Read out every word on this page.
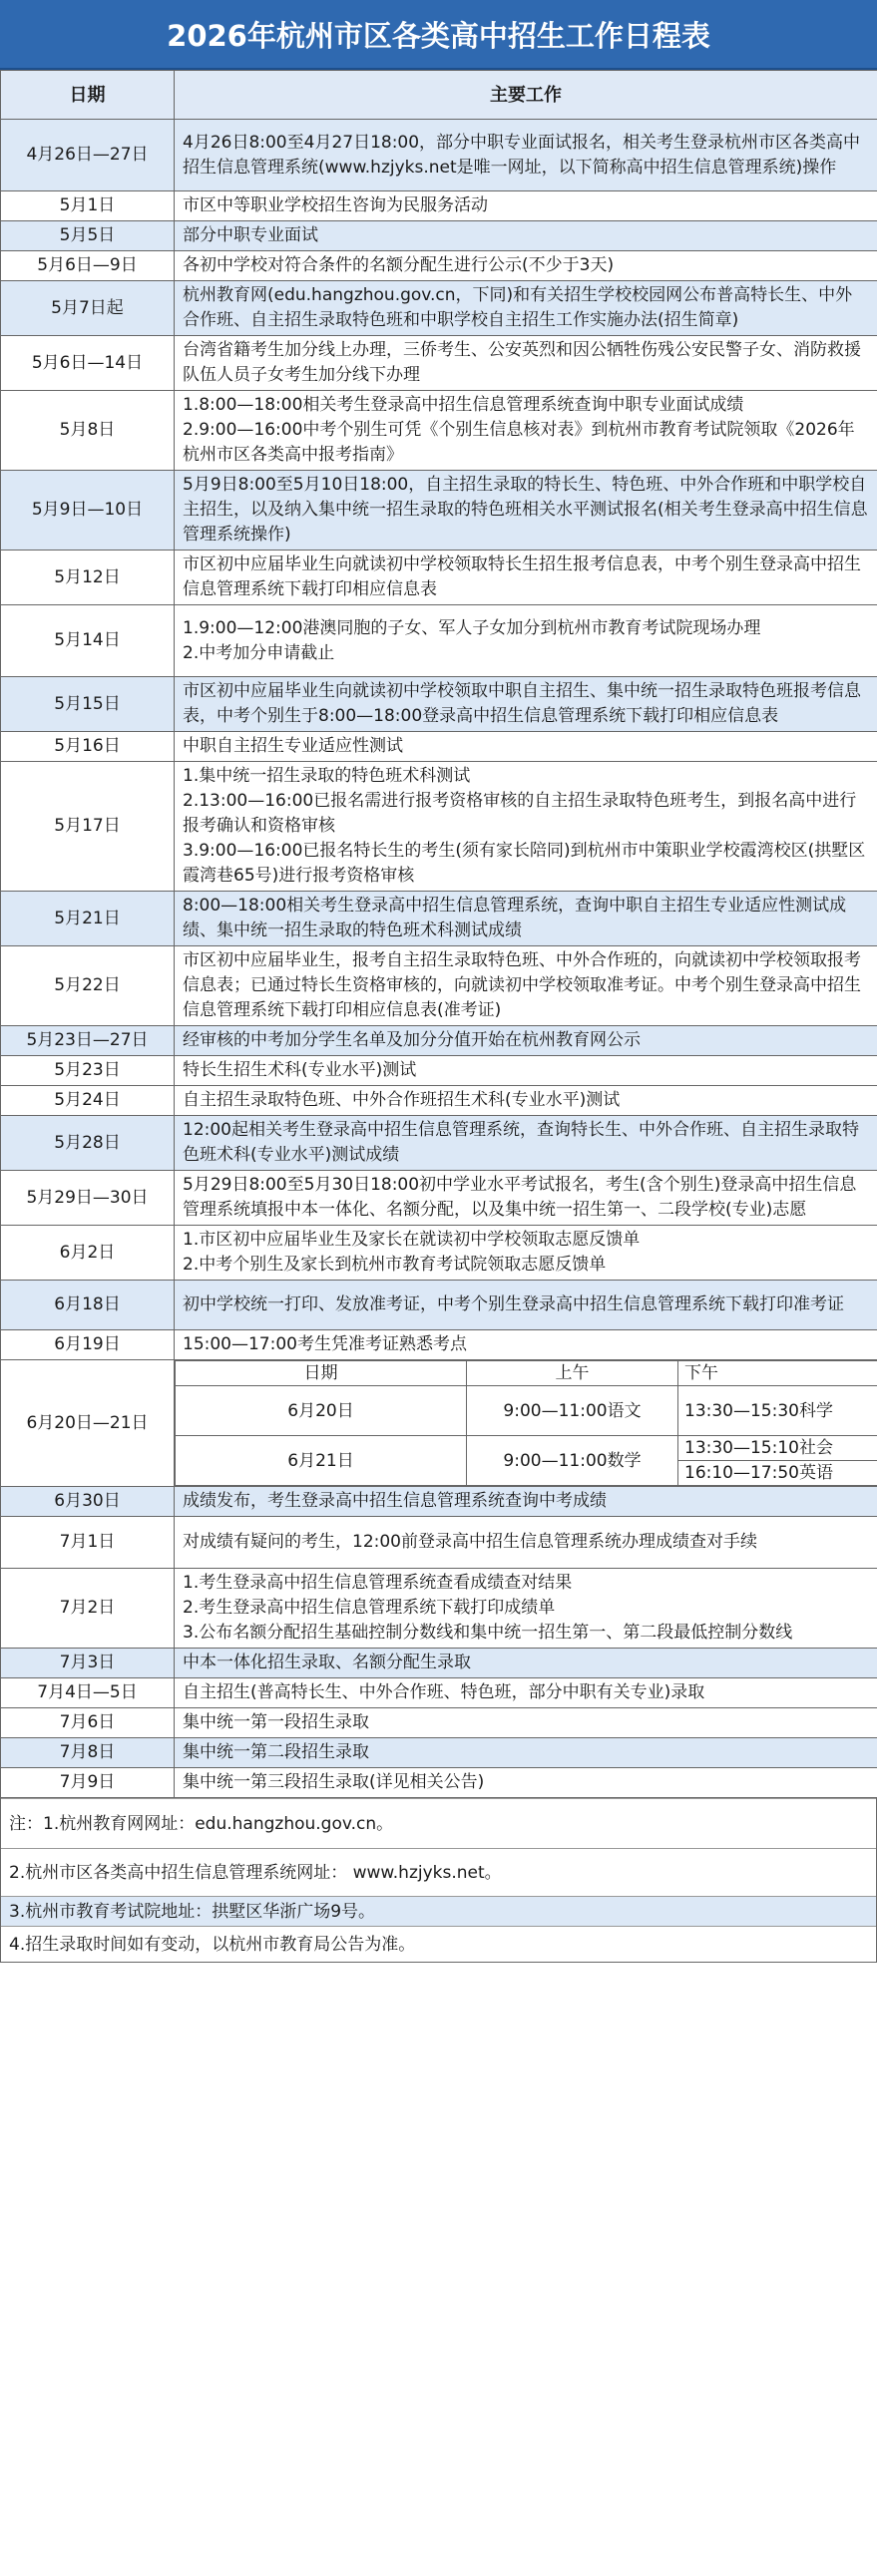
2026年杭州市区各类高中招生工作日程表
日期	主要工作
4月26日—27日	4月26日8:00至4月27日18:00，部分中职专业面试报名，相关考生登录杭州市区各类高中招生信息管理系统(www.hzjyks.net是唯一网址，以下简称高中招生信息管理系统)操作
5月1日	市区中等职业学校招生咨询为民服务活动
5月5日	部分中职专业面试
5月6日—9日	各初中学校对符合条件的名额分配生进行公示(不少于3天)
5月7日起	杭州教育网(edu.hangzhou.gov.cn，下同)和有关招生学校校园网公布普高特长生、中外合作班、自主招生录取特色班和中职学校自主招生工作实施办法(招生简章)
5月6日—14日	台湾省籍考生加分线上办理，三侨考生、公安英烈和因公牺牲伤残公安民警子女、消防救援队伍人员子女考生加分线下办理
5月8日	1.8:00—18:00相关考生登录高中招生信息管理系统查询中职专业面试成绩
2.9:00—16:00中考个别生可凭《个别生信息核对表》到杭州市教育考试院领取《2026年杭州市区各类高中报考指南》
5月9日—10日	5月9日8:00至5月10日18:00，自主招生录取的特长生、特色班、中外合作班和中职学校自主招生，以及纳入集中统一招生录取的特色班相关水平测试报名(相关考生登录高中招生信息管理系统操作)
5月12日	市区初中应届毕业生向就读初中学校领取特长生招生报考信息表，中考个别生登录高中招生信息管理系统下载打印相应信息表
5月14日	1.9:00—12:00港澳同胞的子女、军人子女加分到杭州市教育考试院现场办理
2.中考加分申请截止
5月15日	市区初中应届毕业生向就读初中学校领取中职自主招生、集中统一招生录取特色班报考信息表，中考个别生于8:00—18:00登录高中招生信息管理系统下载打印相应信息表
5月16日	中职自主招生专业适应性测试
5月17日	1.集中统一招生录取的特色班术科测试
2.13:00—16:00已报名需进行报考资格审核的自主招生录取特色班考生，到报名高中进行报考确认和资格审核
3.9:00—16:00已报名特长生的考生(须有家长陪同)到杭州市中策职业学校霞湾校区(拱墅区霞湾巷65号)进行报考资格审核
5月21日	8:00—18:00相关考生登录高中招生信息管理系统，查询中职自主招生专业适应性测试成绩、集中统一招生录取的特色班术科测试成绩
5月22日	市区初中应届毕业生，报考自主招生录取特色班、中外合作班的，向就读初中学校领取报考信息表；已通过特长生资格审核的，向就读初中学校领取准考证。中考个别生登录高中招生信息管理系统下载打印相应信息表(准考证)
5月23日—27日	经审核的中考加分学生名单及加分分值开始在杭州教育网公示
5月23日	特长生招生术科(专业水平)测试
5月24日	自主招生录取特色班、中外合作班招生术科(专业水平)测试
5月28日	12:00起相关考生登录高中招生信息管理系统，查询特长生、中外合作班、自主招生录取特色班术科(专业水平)测试成绩
5月29日—30日	5月29日8:00至5月30日18:00初中学业水平考试报名，考生(含个别生)登录高中招生信息管理系统填报中本一体化、名额分配，以及集中统一招生第一、二段学校(专业)志愿
6月2日	1.市区初中应届毕业生及家长在就读初中学校领取志愿反馈单
2.中考个别生及家长到杭州市教育考试院领取志愿反馈单
6月18日	初中学校统一打印、发放准考证，中考个别生登录高中招生信息管理系统下载打印准考证
6月19日	15:00—17:00考生凭准考证熟悉考点
6月20日—21日	
日期	上午	下午
6月20日	9:00—11:00语文	13:30—15:30科学
6月21日	9:00—11:00数学	13:30—15:10社会
16:10—17:50英语

6月30日	成绩发布，考生登录高中招生信息管理系统查询中考成绩
7月1日	对成绩有疑问的考生，12:00前登录高中招生信息管理系统办理成绩查对手续
7月2日	1.考生登录高中招生信息管理系统查看成绩查对结果
2.考生登录高中招生信息管理系统下载打印成绩单
3.公布名额分配招生基础控制分数线和集中统一招生第一、第二段最低控制分数线
7月3日	中本一体化招生录取、名额分配生录取
7月4日—5日	自主招生(普高特长生、中外合作班、特色班，部分中职有关专业)录取
7月6日	集中统一第一段招生录取
7月8日	集中统一第二段招生录取
7月9日	集中统一第三段招生录取(详见相关公告)
注：1.杭州教育网网址：edu.hangzhou.gov.cn。
2.杭州市区各类高中招生信息管理系统网址： www.hzjyks.net。
3.杭州市教育考试院地址：拱墅区华浙广场9号。
4.招生录取时间如有变动，以杭州市教育局公告为准。
